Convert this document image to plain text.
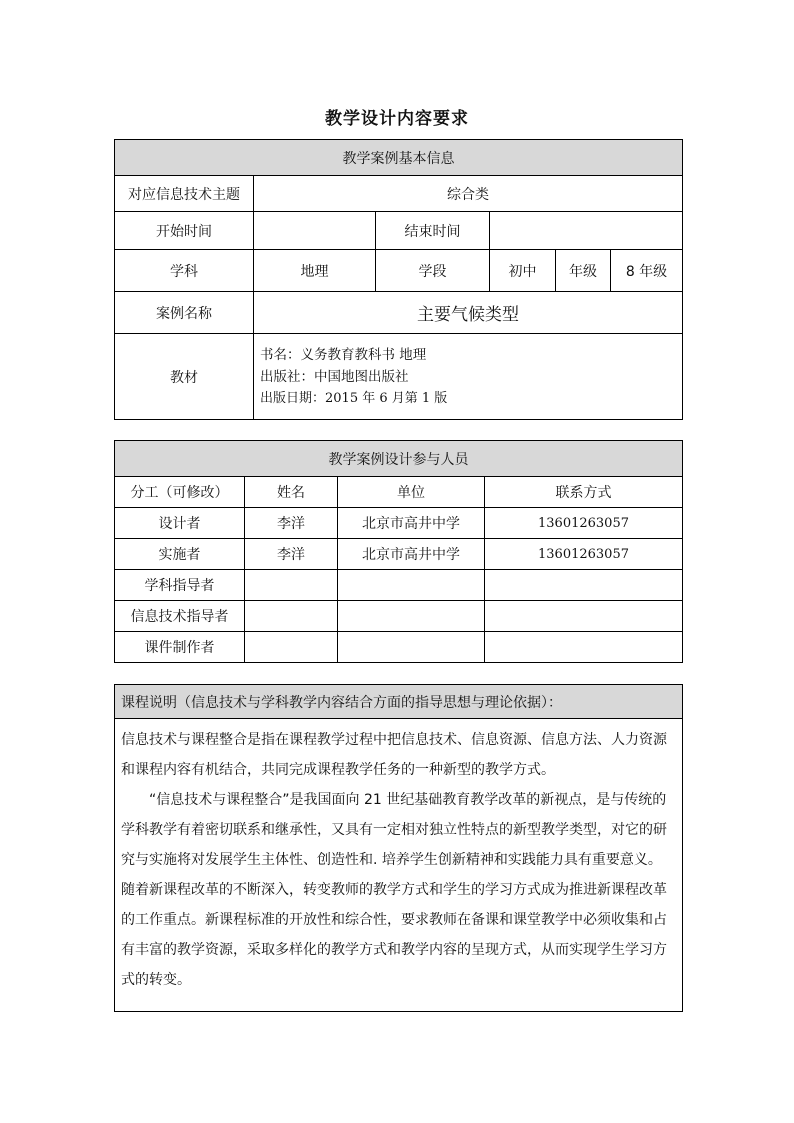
教学设计内容要求
教学案例基本信息					
对应信息技术主题	综合类				
开始时间		结束时间			
学科	地理	学段	初中	年级	8 年级
案例名称	主要气候类型				
教材	书名：义务教育教科书 地理
出版社：中国地图出版社
出版日期：2015 年 6 月第 1 版				
教学案例设计参与人员			
分工（可修改）	姓名	单位	联系方式
设计者	李洋	北京市高井中学	13601263057
实施者	李洋	北京市高井中学	13601263057
学科指导者			
信息技术指导者			
课件制作者			
课程说明（信息技术与学科教学内容结合方面的指导思想与理论依据）：

信息技术与课程整合是指在课程教学过程中把信息技术、信息资源、信息方法、人力资源和课程内容有机结合，共同完成课程教学任务的一种新型的教学方式。

“信息技术与课程整合”是我国面向 21 世纪基础教育教学改革的新视点，是与传统的学科教学有着密切联系和继承性，又具有一定相对独立性特点的新型教学类型，对它的研究与实施将对发展学生主体性、创造性和. 培养学生创新精神和实践能力具有重要意义。

随着新课程改革的不断深入，转变教师的教学方式和学生的学习方式成为推进新课程改革的工作重点。新课程标准的开放性和综合性，要求教师在备课和课堂教学中必须收集和占有丰富的教学资源，采取多样化的教学方式和教学内容的呈现方式，从而实现学生学习方式的转变。
